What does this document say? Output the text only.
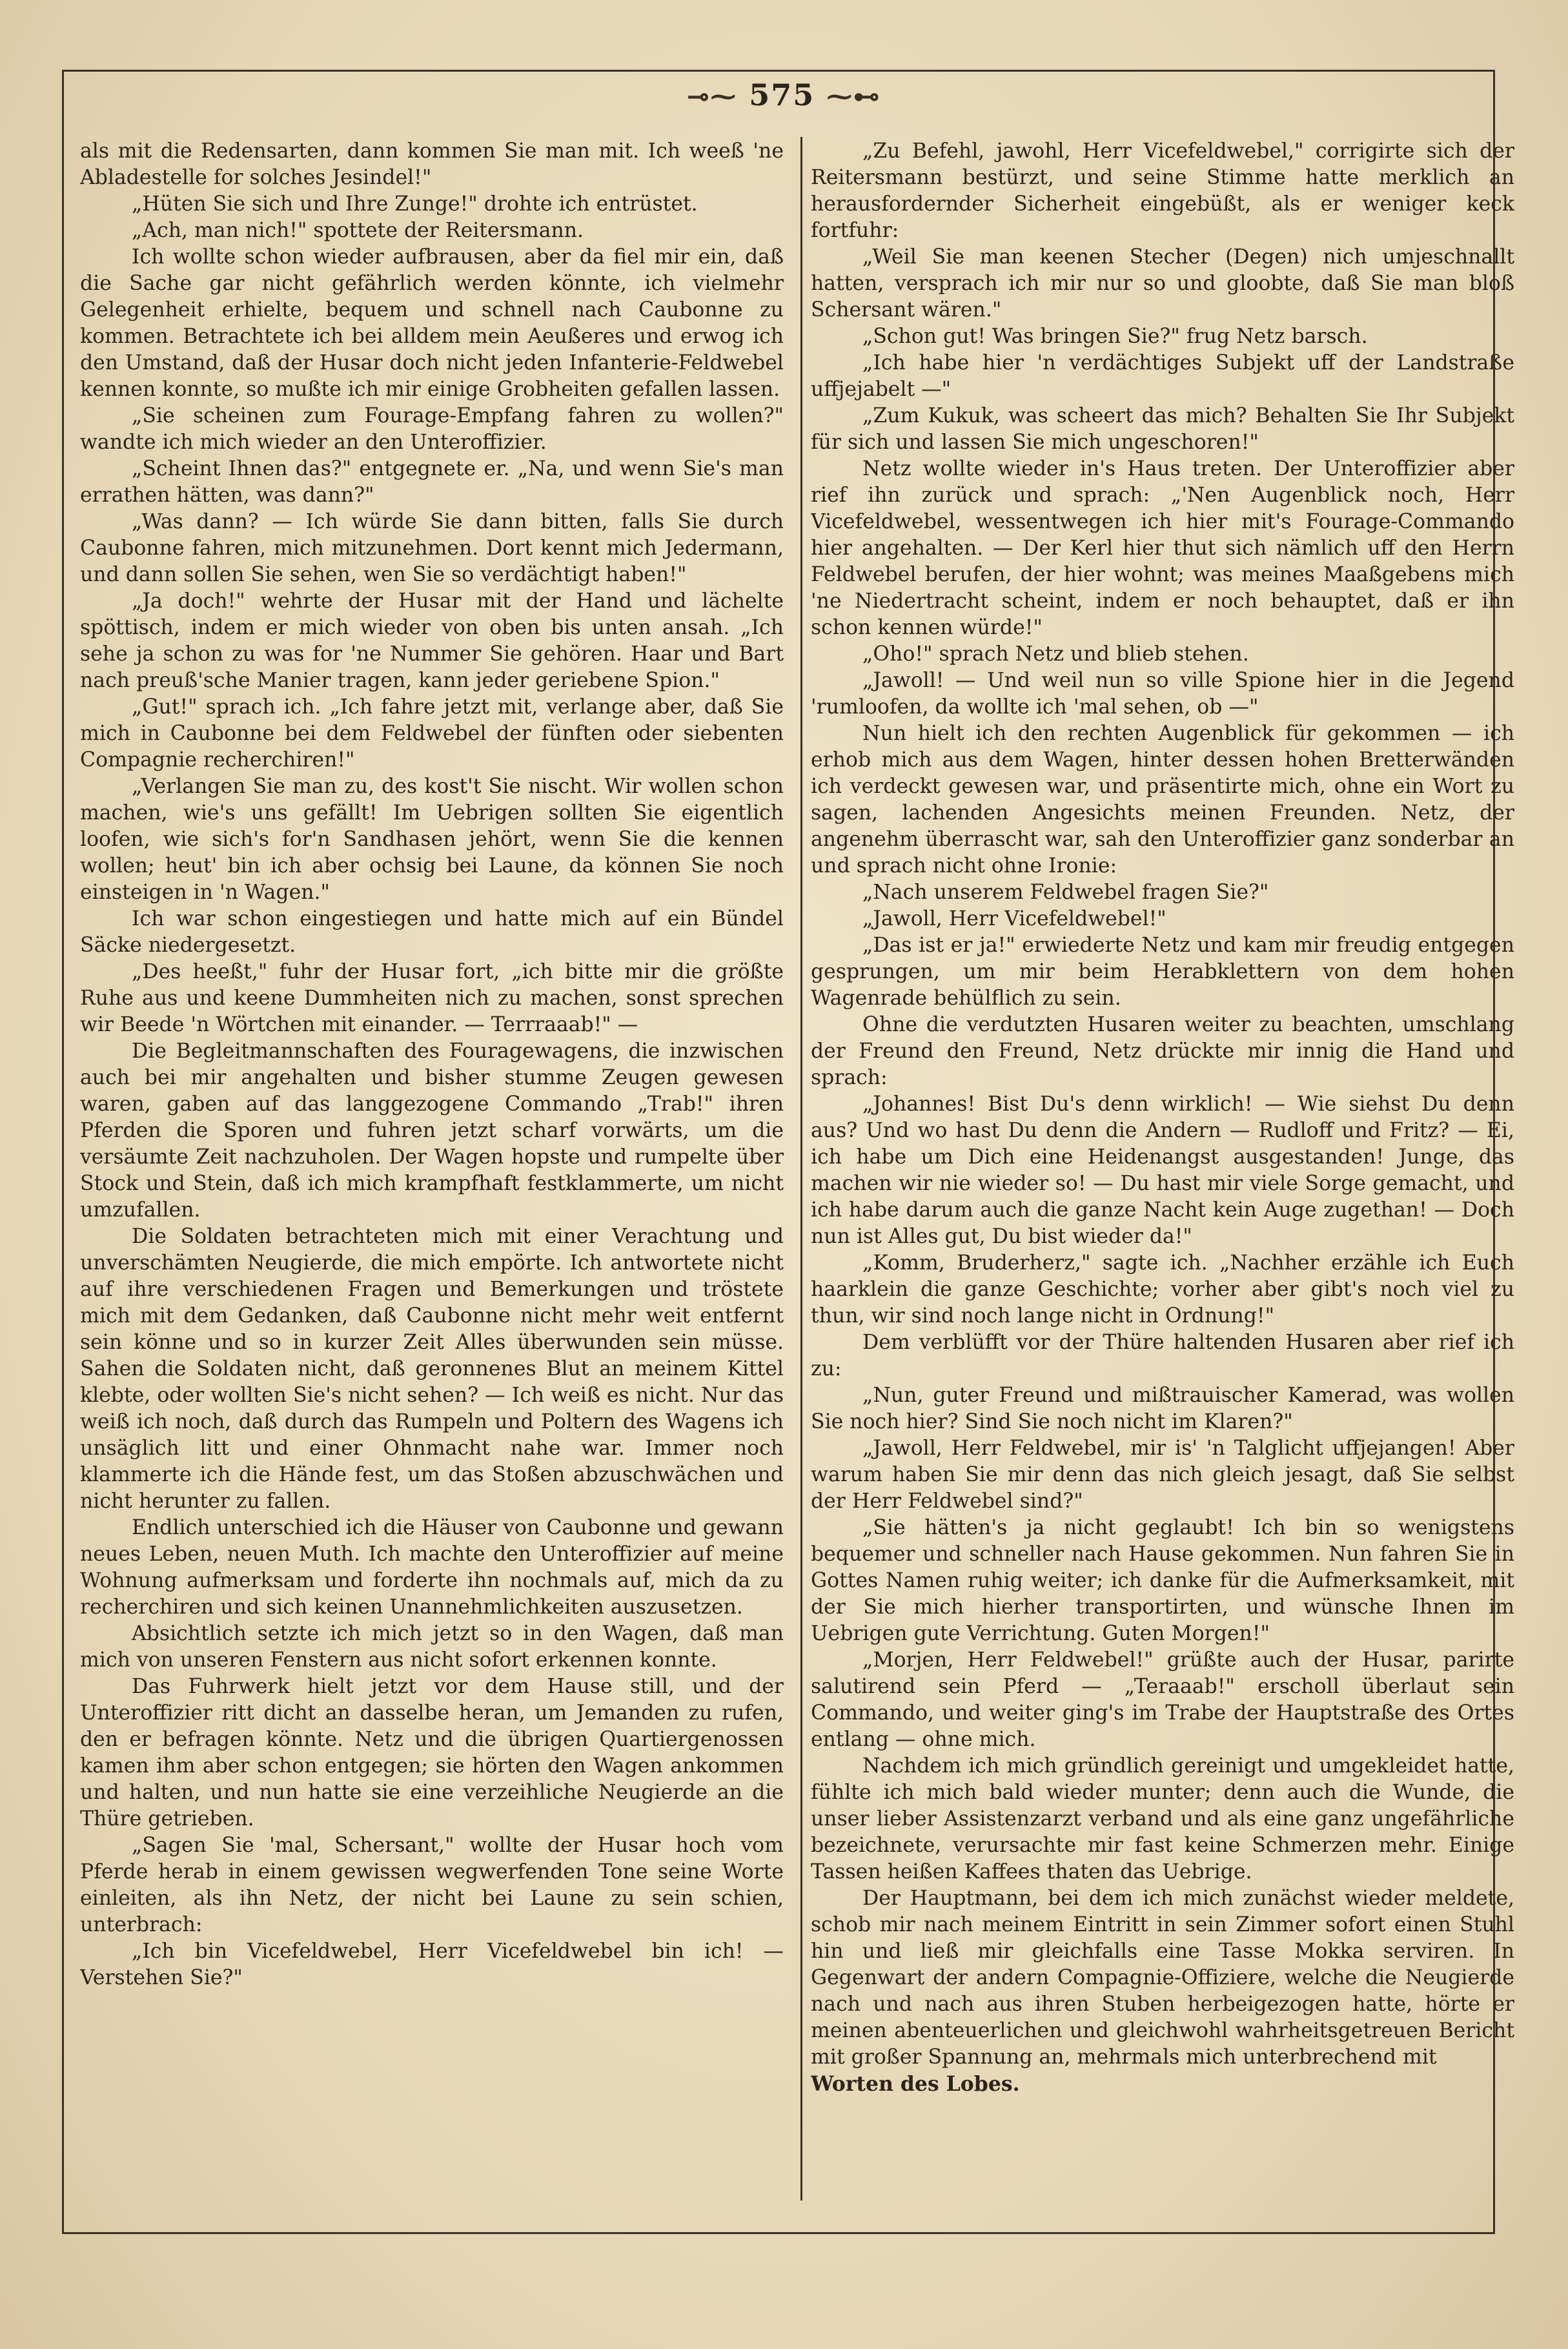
⊸⁓ 575 ⁓⊷

als mit die Redensarten, dann kommen Sie man mit. Ich weeß 'ne Abladestelle for solches Jesindel!"

„Hüten Sie sich und Ihre Zunge!" drohte ich entrüstet.

„Ach, man nich!" spottete der Reitersmann.

Ich wollte schon wieder aufbrausen, aber da fiel mir ein, daß die Sache gar nicht gefährlich werden könnte, ich vielmehr Gelegenheit erhielte, bequem und schnell nach Caubonne zu kommen. Betrachtete ich bei alldem mein Aeußeres und erwog ich den Umstand, daß der Husar doch nicht jeden Infanterie-Feldwebel kennen konnte, so mußte ich mir einige Grobheiten gefallen lassen.

„Sie scheinen zum Fourage-Empfang fahren zu wollen?" wandte ich mich wieder an den Unteroffizier.

„Scheint Ihnen das?" entgegnete er. „Na, und wenn Sie's man errathen hätten, was dann?"

„Was dann? — Ich würde Sie dann bitten, falls Sie durch Caubonne fahren, mich mitzunehmen. Dort kennt mich Jedermann, und dann sollen Sie sehen, wen Sie so verdächtigt haben!"

„Ja doch!" wehrte der Husar mit der Hand und lächelte spöttisch, indem er mich wieder von oben bis unten ansah. „Ich sehe ja schon zu was for 'ne Nummer Sie gehören. Haar und Bart nach preuß'sche Manier tragen, kann jeder geriebene Spion."

„Gut!" sprach ich. „Ich fahre jetzt mit, verlange aber, daß Sie mich in Caubonne bei dem Feldwebel der fünften oder siebenten Compagnie recherchiren!"

„Verlangen Sie man zu, des kost't Sie nischt. Wir wollen schon machen, wie's uns gefällt! Im Uebrigen sollten Sie eigentlich loofen, wie sich's for'n Sandhasen jehört, wenn Sie die kennen wollen; heut' bin ich aber ochsig bei Laune, da können Sie noch einsteigen in 'n Wagen."

Ich war schon eingestiegen und hatte mich auf ein Bündel Säcke niedergesetzt.

„Des heeßt," fuhr der Husar fort, „ich bitte mir die größte Ruhe aus und keene Dummheiten nich zu machen, sonst sprechen wir Beede 'n Wörtchen mit einander. — Terrraaab!" —

Die Begleitmannschaften des Fouragewagens, die inzwischen auch bei mir angehalten und bisher stumme Zeugen gewesen waren, gaben auf das langgezogene Commando „Trab!" ihren Pferden die Sporen und fuhren jetzt scharf vorwärts, um die versäumte Zeit nachzuholen. Der Wagen hopste und rumpelte über Stock und Stein, daß ich mich krampfhaft festklammerte, um nicht umzufallen.

Die Soldaten betrachteten mich mit einer Verachtung und unverschämten Neugierde, die mich empörte. Ich antwortete nicht auf ihre verschiedenen Fragen und Bemerkungen und tröstete mich mit dem Gedanken, daß Caubonne nicht mehr weit entfernt sein könne und so in kurzer Zeit Alles überwunden sein müsse. Sahen die Soldaten nicht, daß geronnenes Blut an meinem Kittel klebte, oder wollten Sie's nicht sehen? — Ich weiß es nicht. Nur das weiß ich noch, daß durch das Rumpeln und Poltern des Wagens ich unsäglich litt und einer Ohnmacht nahe war. Immer noch klammerte ich die Hände fest, um das Stoßen abzuschwächen und nicht herunter zu fallen.

Endlich unterschied ich die Häuser von Caubonne und gewann neues Leben, neuen Muth. Ich machte den Unteroffizier auf meine Wohnung aufmerksam und forderte ihn nochmals auf, mich da zu recherchiren und sich keinen Unannehmlichkeiten auszusetzen.

Absichtlich setzte ich mich jetzt so in den Wagen, daß man mich von unseren Fenstern aus nicht sofort erkennen konnte.

Das Fuhrwerk hielt jetzt vor dem Hause still, und der Unteroffizier ritt dicht an dasselbe heran, um Jemanden zu rufen, den er befragen könnte. Netz und die übrigen Quartiergenossen kamen ihm aber schon entgegen; sie hörten den Wagen ankommen und halten, und nun hatte sie eine verzeihliche Neugierde an die Thüre getrieben.

„Sagen Sie 'mal, Schersant," wollte der Husar hoch vom Pferde herab in einem gewissen wegwerfenden Tone seine Worte einleiten, als ihn Netz, der nicht bei Laune zu sein schien, unterbrach:

„Ich bin Vicefeldwebel, Herr Vicefeldwebel bin ich! — Verstehen Sie?"

„Zu Befehl, jawohl, Herr Vicefeldwebel," corrigirte sich der Reitersmann bestürzt, und seine Stimme hatte merklich an herausfordernder Sicherheit eingebüßt, als er weniger keck fortfuhr:

„Weil Sie man keenen Stecher (Degen) nich umjeschnallt hatten, versprach ich mir nur so und gloobte, daß Sie man bloß Schersant wären."

„Schon gut! Was bringen Sie?" frug Netz barsch.

„Ich habe hier 'n verdächtiges Subjekt uff der Landstraße uffjejabelt —"

„Zum Kukuk, was scheert das mich? Behalten Sie Ihr Subjekt für sich und lassen Sie mich ungeschoren!"

Netz wollte wieder in's Haus treten. Der Unteroffizier aber rief ihn zurück und sprach: „'Nen Augenblick noch, Herr Vicefeldwebel, wessentwegen ich hier mit's Fourage-Commando hier angehalten. — Der Kerl hier thut sich nämlich uff den Herrn Feldwebel berufen, der hier wohnt; was meines Maaßgebens mich 'ne Niedertracht scheint, indem er noch behauptet, daß er ihn schon kennen würde!"

„Oho!" sprach Netz und blieb stehen.

„Jawoll! — Und weil nun so ville Spione hier in die Jegend 'rumloofen, da wollte ich 'mal sehen, ob —"

Nun hielt ich den rechten Augenblick für gekommen — ich erhob mich aus dem Wagen, hinter dessen hohen Bretterwänden ich verdeckt gewesen war, und präsentirte mich, ohne ein Wort zu sagen, lachenden Angesichts meinen Freunden. Netz, der angenehm überrascht war, sah den Unteroffizier ganz sonderbar an und sprach nicht ohne Ironie:

„Nach unserem Feldwebel fragen Sie?"

„Jawoll, Herr Vicefeldwebel!"

„Das ist er ja!" erwiederte Netz und kam mir freudig entgegen gesprungen, um mir beim Herabklettern von dem hohen Wagenrade behülflich zu sein.

Ohne die verdutzten Husaren weiter zu beachten, umschlang der Freund den Freund, Netz drückte mir innig die Hand und sprach:

„Johannes! Bist Du's denn wirklich! — Wie siehst Du denn aus? Und wo hast Du denn die Andern — Rudloff und Fritz? — Ei, ich habe um Dich eine Heidenangst ausgestanden! Junge, das machen wir nie wieder so! — Du hast mir viele Sorge gemacht, und ich habe darum auch die ganze Nacht kein Auge zugethan! — Doch nun ist Alles gut, Du bist wieder da!"

„Komm, Bruderherz," sagte ich. „Nachher erzähle ich Euch haarklein die ganze Geschichte; vorher aber gibt's noch viel zu thun, wir sind noch lange nicht in Ordnung!"

Dem verblüfft vor der Thüre haltenden Husaren aber rief ich zu:

„Nun, guter Freund und mißtrauischer Kamerad, was wollen Sie noch hier? Sind Sie noch nicht im Klaren?"

„Jawoll, Herr Feldwebel, mir is' 'n Talglicht uffjejangen! Aber warum haben Sie mir denn das nich gleich jesagt, daß Sie selbst der Herr Feldwebel sind?"

„Sie hätten's ja nicht geglaubt! Ich bin so wenigstens bequemer und schneller nach Hause gekommen. Nun fahren Sie in Gottes Namen ruhig weiter; ich danke für die Aufmerksamkeit, mit der Sie mich hierher transportirten, und wünsche Ihnen im Uebrigen gute Verrichtung. Guten Morgen!"

„Morjen, Herr Feldwebel!" grüßte auch der Husar, parirte salutirend sein Pferd — „Teraaab!" erscholl überlaut sein Commando, und weiter ging's im Trabe der Hauptstraße des Ortes entlang — ohne mich.

Nachdem ich mich gründlich gereinigt und umgekleidet hatte, fühlte ich mich bald wieder munter; denn auch die Wunde, die unser lieber Assistenzarzt verband und als eine ganz ungefährliche bezeichnete, verursachte mir fast keine Schmerzen mehr. Einige Tassen heißen Kaffees thaten das Uebrige.

Der Hauptmann, bei dem ich mich zunächst wieder meldete, schob mir nach meinem Eintritt in sein Zimmer sofort einen Stuhl hin und ließ mir gleichfalls eine Tasse Mokka serviren. In Gegenwart der andern Compagnie-Offiziere, welche die Neugierde nach und nach aus ihren Stuben herbeigezogen hatte, hörte er meinen abenteuerlichen und gleichwohl wahrheitsgetreuen Bericht mit großer Spannung an, mehrmals mich unterbrechend mit

Worten des Lobes.
